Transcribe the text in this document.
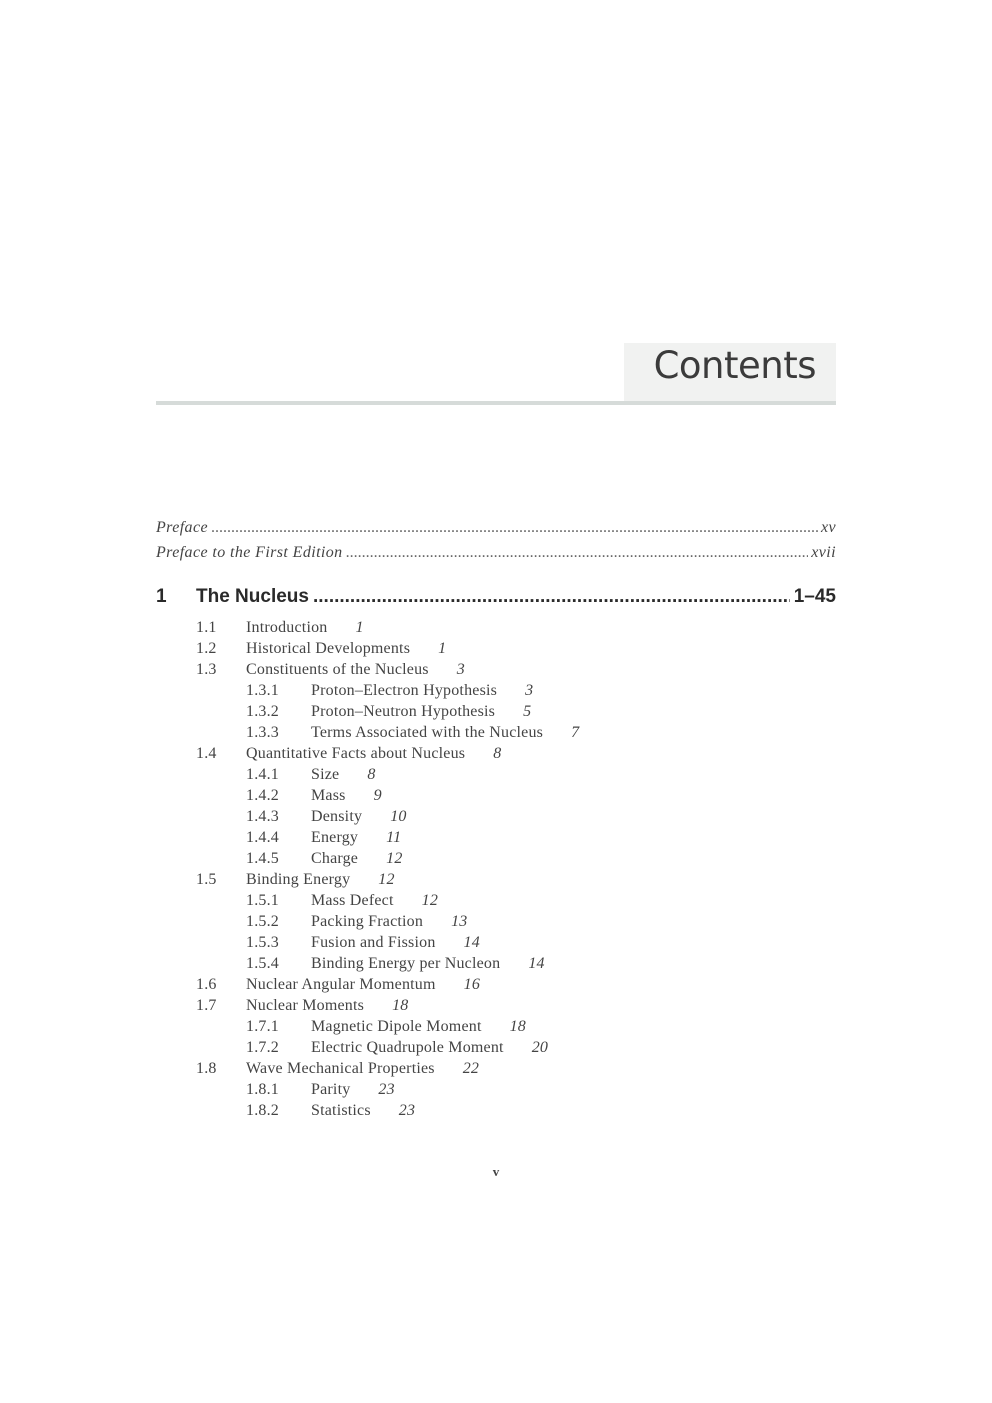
Contents
Preface .....	xv
Preface to the First Edition .....	xvii
1	The Nucleus .....	1–45
1.1 Introduction 1
1.2 Historical Developments 1
1.3 Constituents of the Nucleus 3
1.3.1 Proton–Electron Hypothesis 3
1.3.2 Proton–Neutron Hypothesis 5
1.3.3 Terms Associated with the Nucleus 7
1.4 Quantitative Facts about Nucleus 8
1.4.1 Size 8
1.4.2 Mass 9
1.4.3 Density 10
1.4.4 Energy 11
1.4.5 Charge 12
1.5 Binding Energy 12
1.5.1 Mass Defect 12
1.5.2 Packing Fraction 13
1.5.3 Fusion and Fission 14
1.5.4 Binding Energy per Nucleon 14
1.6 Nuclear Angular Momentum 16
1.7 Nuclear Moments 18
1.7.1 Magnetic Dipole Moment 18
1.7.2 Electric Quadrupole Moment 20
1.8 Wave Mechanical Properties 22
1.8.1 Parity 23
1.8.2 Statistics 23
v
